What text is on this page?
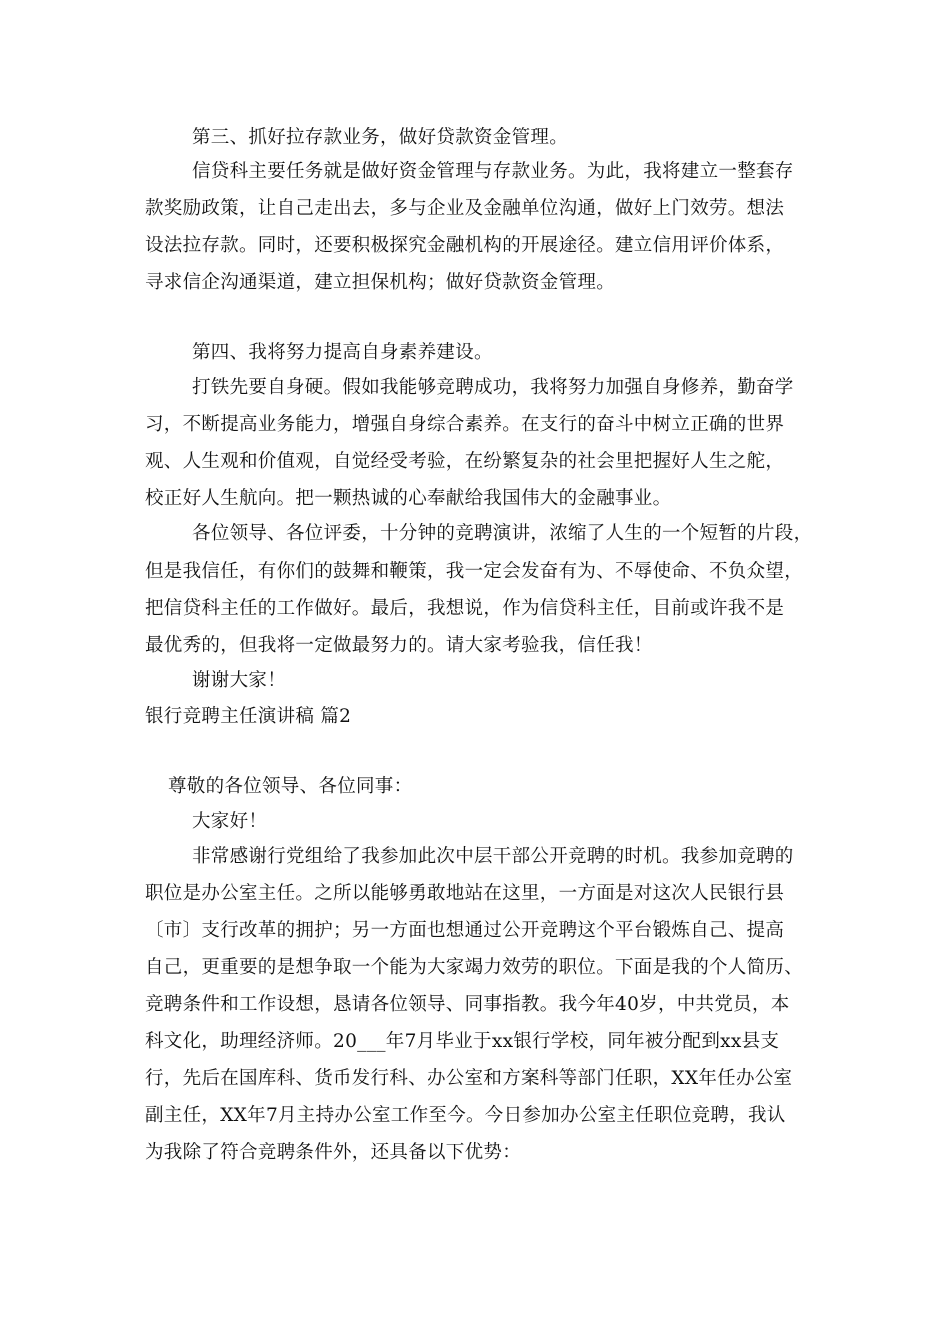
第三、抓好拉存款业务，做好贷款资金管理。
信贷科主要任务就是做好资金管理与存款业务。为此，我将建立一整套存
款奖励政策，让自己走出去，多与企业及金融单位沟通，做好上门效劳。想法
设法拉存款。同时，还要积极探究金融机构的开展途径。建立信用评价体系，
寻求信企沟通渠道，建立担保机构；做好贷款资金管理。
第四、我将努力提高自身素养建设。
打铁先要自身硬。假如我能够竞聘成功，我将努力加强自身修养，勤奋学
习，不断提高业务能力，增强自身综合素养。在支行的奋斗中树立正确的世界
观、人生观和价值观，自觉经受考验，在纷繁复杂的社会里把握好人生之舵，
校正好人生航向。把一颗热诚的心奉献给我国伟大的金融事业。
各位领导、各位评委，十分钟的竞聘演讲，浓缩了人生的一个短暂的片段，
但是我信任，有你们的鼓舞和鞭策，我一定会发奋有为、不辱使命、不负众望，
把信贷科主任的工作做好。最后，我想说，作为信贷科主任，目前或许我不是
最优秀的，但我将一定做最努力的。请大家考验我，信任我！
谢谢大家！
银行竞聘主任演讲稿 篇2
尊敬的各位领导、各位同事：
大家好！
非常感谢行党组给了我参加此次中层干部公开竞聘的时机。我参加竞聘的
职位是办公室主任。之所以能够勇敢地站在这里，一方面是对这次人民银行县
〔市〕支行改革的拥护；另一方面也想通过公开竞聘这个平台锻炼自己、提高
自己，更重要的是想争取一个能为大家竭力效劳的职位。下面是我的个人简历、
竞聘条件和工作设想，恳请各位领导、同事指教。我今年40岁，中共党员，本
科文化，助理经济师。20___年7月毕业于xx银行学校，同年被分配到xx县支
行，先后在国库科、货币发行科、办公室和方案科等部门任职，XX年任办公室
副主任，XX年7月主持办公室工作至今。今日参加办公室主任职位竞聘，我认
为我除了符合竞聘条件外，还具备以下优势：
